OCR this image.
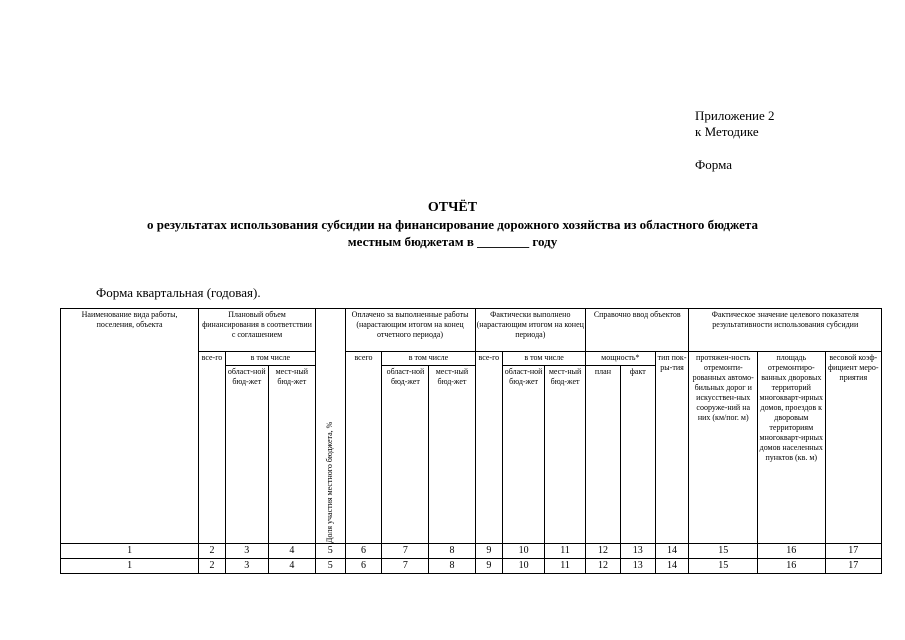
Приложение 2
к Методике
Форма
ОТЧЁТ
о результатах использования субсидии на финансирование дорожного хозяйства из областного бюджета
местным бюджетам в ________ году
Форма квартальная (годовая).
Наименование вида работы, поселения, объекта	Плановый объем финансирования в соответствии с соглашением			Доля участия местного бюджета, %	Оплачено за выполненные работы (нарастающим итогом на конец отчетного периода)			Фактически выполнено (нарастающим итогом на конец периода)			Справочно ввод объектов			Фактическое значение целевого показателя результативности использования субсидии		
	все-го	в том числе			всего	в том числе		все-го	в том числе		мощность*		тип пок-ры-тия	протяжен-ность отремонти-рованных автомо-бильных дорог и искусствен-ных сооруже-ний на них (км/пог. м)	площадь отремонтиро-ванных дворовых территорий многокварт-ирных домов, проездов к дворовым территориям многокварт-ирных домов населенных пунктов (кв. м)	весовой коэф-фициент меро-приятия
		област-ной бюд-жет	мест-ный бюд-жет			област-ной бюд-жет	мест-ный бюд-жет		област-ной бюд-жет	мест-ный бюд-жет	план	факт				
1	2	3	4	5	6	7	8	9	10	11	12	13	14	15	16	17
1	2	3	4	5	6	7	8	9	10	11	12	13	14	15	16	17
